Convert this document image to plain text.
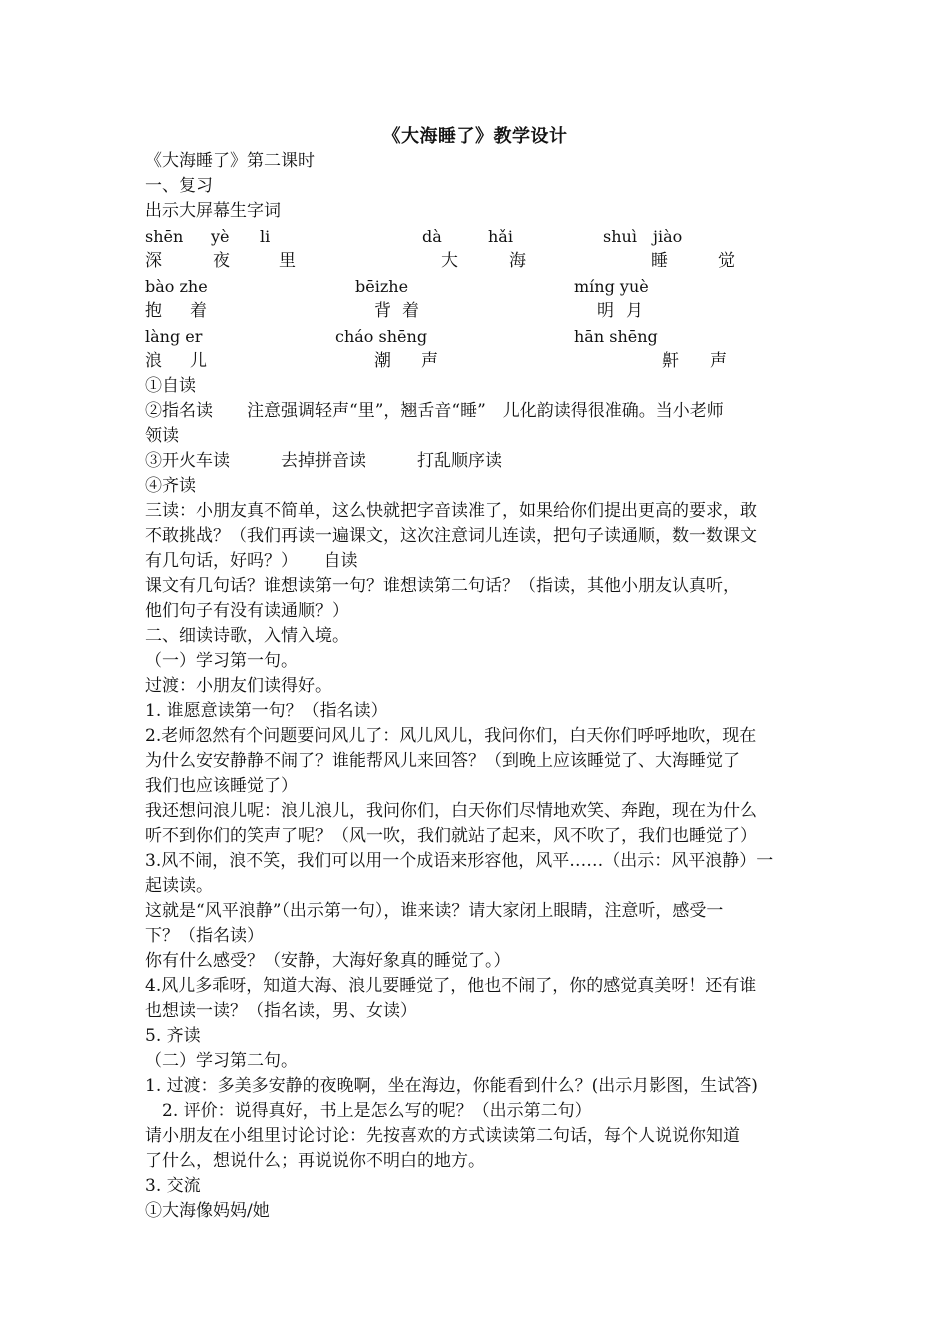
《大海睡了》教学设计
《大海睡了》第二课时
一、复习
出示大屏幕生字词
shēn yè li	dà	hǎi	shuì jiào
深	夜	里	大	海	睡	觉
bào zhe	bēizhe	míng yuè
抱 着	背 着	明 月
làng er	cháo shēng	hān shēng
浪 儿	潮 声	鼾 声
①自读
②指名读　　注意强调轻声“里”，翘舌音“睡”　儿化韵读得很准确。当小老师
领读
③开火车读　　　去掉拼音读　　　打乱顺序读
④齐读
三读：小朋友真不简单，这么快就把字音读准了，如果给你们提出更高的要求，敢
不敢挑战？（我们再读一遍课文，这次注意词儿连读，把句子读通顺，数一数课文
有几句话，好吗？）　　自读
课文有几句话？谁想读第一句？谁想读第二句话？（指读，其他小朋友认真听，
他们句子有没有读通顺？）
二、细读诗歌，入情入境。
（一）学习第一句。
过渡：小朋友们读得好。
1. 谁愿意读第一句？（指名读）
2.老师忽然有个问题要问风儿了：风儿风儿，我问你们，白天你们呼呼地吹，现在
为什么安安静静不闹了？谁能帮风儿来回答？（到晚上应该睡觉了、大海睡觉了
我们也应该睡觉了）
我还想问浪儿呢：浪儿浪儿，我问你们，白天你们尽情地欢笑、奔跑，现在为什么
听不到你们的笑声了呢？（风一吹，我们就站了起来，风不吹了，我们也睡觉了）
3.风不闹，浪不笑，我们可以用一个成语来形容他，风平……（出示：风平浪静）一
起读读。
这就是“风平浪静”（出示第一句），谁来读？请大家闭上眼睛，注意听，感受一
下？（指名读）
你有什么感受？（安静，大海好象真的睡觉了。）
4.风儿多乖呀，知道大海、浪儿要睡觉了，他也不闹了，你的感觉真美呀！还有谁
也想读一读？（指名读，男、女读）
5. 齐读
（二）学习第二句。
1. 过渡：多美多安静的夜晚啊，坐在海边，你能看到什么？(出示月影图，生试答)
　2. 评价：说得真好，书上是怎么写的呢？（出示第二句）
请小朋友在小组里讨论讨论：先按喜欢的方式读读第二句话，每个人说说你知道
了什么，想说什么；再说说你不明白的地方。
3. 交流
①大海像妈妈/她
